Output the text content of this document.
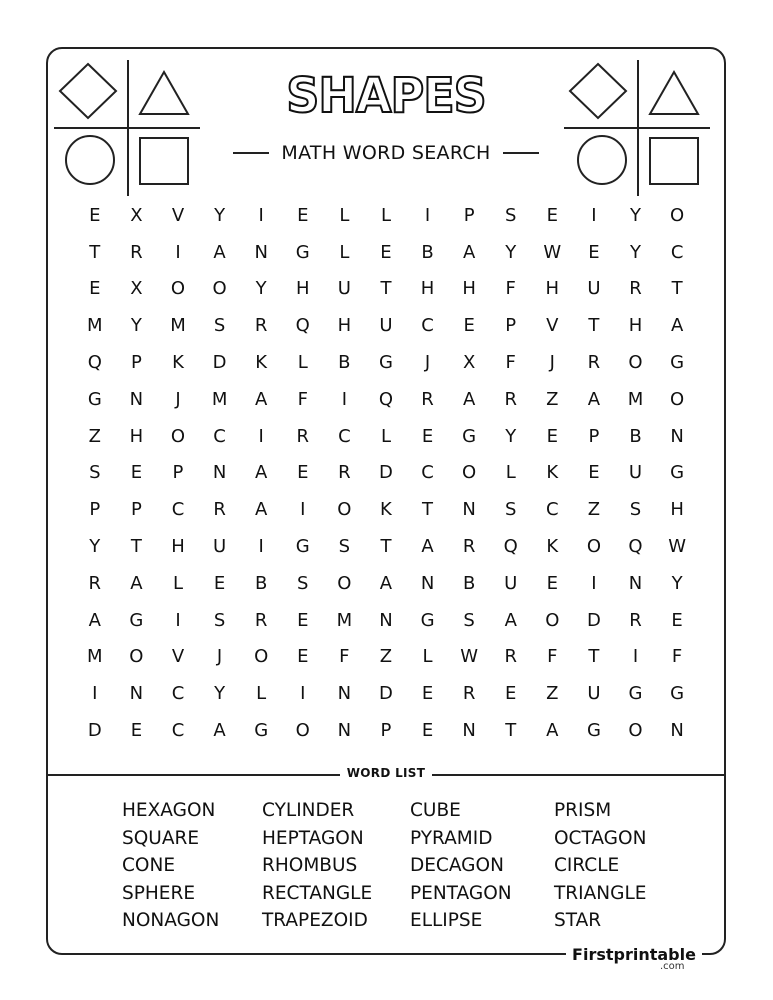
SHAPES
MATH WORD SEARCH
E	X	V	Y	I	E	L	L	I	P	S	E	I	Y	O
T	R	I	A	N	G	L	E	B	A	Y	W	E	Y	C
E	X	O	O	Y	H	U	T	H	H	F	H	U	R	T
M	Y	M	S	R	Q	H	U	C	E	P	V	T	H	A
Q	P	K	D	K	L	B	G	J	X	F	J	R	O	G
G	N	J	M	A	F	I	Q	R	A	R	Z	A	M	O
Z	H	O	C	I	R	C	L	E	G	Y	E	P	B	N
S	E	P	N	A	E	R	D	C	O	L	K	E	U	G
P	P	C	R	A	I	O	K	T	N	S	C	Z	S	H
Y	T	H	U	I	G	S	T	A	R	Q	K	O	Q	W
R	A	L	E	B	S	O	A	N	B	U	E	I	N	Y
A	G	I	S	R	E	M	N	G	S	A	O	D	R	E
M	O	V	J	O	E	F	Z	L	W	R	F	T	I	F
I	N	C	Y	L	I	N	D	E	R	E	Z	U	G	G
D	E	C	A	G	O	N	P	E	N	T	A	G	O	N
WORD LIST
HEXAGON
SQUARE
CONE
SPHERE
NONAGON
CYLINDER
HEPTAGON
RHOMBUS
RECTANGLE
TRAPEZOID
CUBE
PYRAMID
DECAGON
PENTAGON
ELLIPSE
PRISM
OCTAGON
CIRCLE
TRIANGLE
STAR
Firstprintable
.com
